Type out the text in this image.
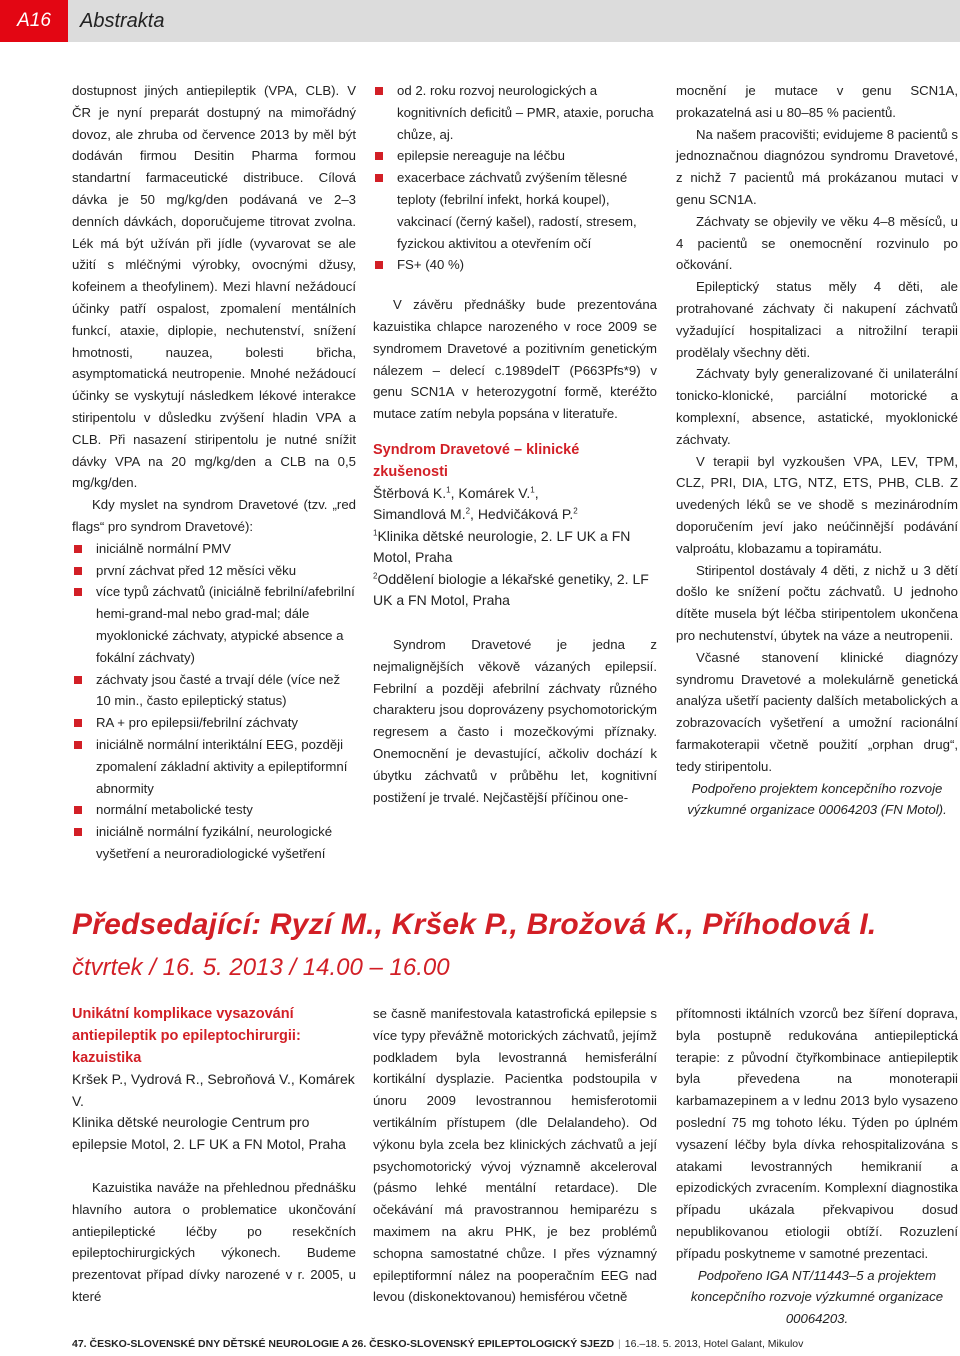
A16	Abstrakta

dostupnost jiných antiepileptik (VPA, CLB). V ČR je nyní preparát dostupný na mimořádný dovoz, ale zhruba od července 2013 by měl být dodáván firmou Desitin Pharma formou standartní farmaceutické distribuce. Cílová dávka je 50 mg/kg/den podávaná ve 2–3 denních dávkách, doporučujeme titrovat zvolna. Lék má být užíván při jídle (vyvarovat se ale užití s mléčnými výrobky, ovocnými džusy, kofeinem a theofylinem). Mezi hlavní nežádoucí účinky patří ospalost, zpomalení mentálních funkcí, ataxie, diplopie, nechutenství, snížení hmotnosti, nauzea, bolesti břicha, asymptomatická neutropenie. Mnohé nežádoucí účinky se vyskytují následkem lékové interakce stiripentolu v důsledku zvýšení hladin VPA a CLB. Při nasazení stiripentolu je nutné snížit dávky VPA na 20 mg/kg/den a CLB na 0,5 mg/kg/den.

Kdy myslet na syndrom Dravetové (tzv. „red flags“ pro syndrom Dravetové):

iniciálně normální PMV
první záchvat před 12 měsíci věku
více typů záchvatů (iniciálně febrilní/afebrilní hemi-grand-mal nebo grad-mal; dále myoklonické záchvaty, atypické absence a fokální záchvaty)
záchvaty jsou časté a trvají déle (více než 10 min., často epileptický status)
RA + pro epilepsii/febrilní záchvaty
iniciálně normální interiktální EEG, později zpomalení základní aktivity a epileptiformní abnormity
normální metabolické testy
iniciálně normální fyzikální, neurologické vyšetření a neuroradiologické vyšetření
od 2. roku rozvoj neurologických a kognitivních deficitů – PMR, ataxie, porucha chůze, aj.
epilepsie nereaguje na léčbu
exacerbace záchvatů zvýšením tělesné teploty (febrilní infekt, horká koupel), vakcinací (černý kašel), radostí, stresem, fyzickou aktivitou a otevřením očí
FS+ (40 %)

V závěru přednášky bude prezentována kazuistika chlapce narozeného v roce 2009 se syndromem Dravetové a pozitivním genetickým nálezem – delecí c.1989delT (P663Pfs*9) v genu SCN1A v heterozygotní formě, kteréžto mutace zatím nebyla popsána v literatuře.

Syndrom Dravetové – klinické zkušenosti
Štěrbová K.$^1$, Komárek V.$^1$,
Simandlová M.$^2$, Hedvičáková P.$^2$
$^1$Klinika dětské neurologie, 2. LF UK a FN Motol, Praha
$^2$Oddělení biologie a lékařské genetiky, 2. LF UK a FN Motol, Praha

Syndrom Dravetové je jedna z nejmalignějších věkově vázaných epilepsií. Febrilní a později afebrilní záchvaty různého charakteru jsou doprovázeny psychomotorickým regresem a často i mozečkovými příznaky. Onemocnění je devastující, ačkoliv dochází k úbytku záchvatů v průběhu let, kognitivní postižení je trvalé. Nejčastější příčinou one-

mocnění je mutace v genu SCN1A, prokazatelná asi u 80–85 % pacientů.

Na našem pracovišti; evidujeme 8 pacientů s jednoznačnou diagnózou syndromu Dravetové, z nichž 7 pacientů má prokázanou mutaci v genu SCN1A.

Záchvaty se objevily ve věku 4–8 měsíců, u 4 pacientů se onemocnění rozvinulo po očkování.

Epileptický status měly 4 děti, ale protrahované záchvaty či nakupení záchvatů vyžadující hospitalizaci a nitrožilní terapii prodělaly všechny děti.

Záchvaty byly generalizované či unilaterální tonicko-klonické, parciální motorické a komplexní, absence, astatické, myoklonické záchvaty.

V terapii byl vyzkoušen VPA, LEV, TPM, CLZ, PRI, DIA, LTG, NTZ, ETS, PHB, CLB. Z uvedených léků se ve shodě s mezinárodním doporučením jeví jako neúčinnější podávání valproátu, klobazamu a topiramátu.

Stiripentol dostávaly 4 děti, z nichž u 3 dětí došlo ke snížení počtu záchvatů. U jednoho dítěte musela být léčba stiripentolem ukončena pro nechutenství, úbytek na váze a neutropenii.

Včasné stanovení klinické diagnózy syndromu Dravetové a molekulárně genetická analýza ušetří pacienty dalších metabolických a zobrazovacích vyšetření a umožní racionální farmakoterapii včetně použití „orphan drug“, tedy stiripentolu.

Podpořeno projektem koncepčního rozvoje výzkumné organizace 00064203 (FN Motol).

Předsedající: Ryzí M., Kršek P., Brožová K., Příhodová I.
čtvrtek / 16. 5. 2013 / 14.00 – 16.00
Unikátní komplikace vysazování antiepileptik po epileptochirurgii: kazuistika
Kršek P., Vydrová R., Sebroňová V., Komárek V.
Klinika dětské neurologie Centrum pro epilepsie Motol, 2. LF UK a FN Motol, Praha

Kazuistika naváže na přehlednou přednášku hlavního autora o problematice ukončování antiepileptické léčby po resekčních epileptochirurgických výkonech. Budeme prezentovat případ dívky narozené v r. 2005, u které

se časně manifestovala katastrofická epilepsie s více typy převážně motorických záchvatů, jejímž podkladem byla levostranná hemisferální kortikální dysplazie. Pacientka podstoupila v únoru 2009 levostrannou hemisferotomii vertikálním přístupem (dle Delalandeho). Od výkonu byla zcela bez klinických záchvatů a její psychomotorický vývoj významně akceleroval (pásmo lehké mentální retardace). Dle očekávání má pravostrannou hemiparézu s maximem na akru PHK, je bez problémů schopna samostatné chůze. I přes významný epileptiformní nález na pooperačním EEG nad levou (diskonektovanou) hemisférou včetně

přítomnosti iktálních vzorců bez šíření doprava, byla postupně redukována antiepileptická terapie: z původní čtyřkombinace antiepileptik byla převedena na monoterapii karbamazepinem a v lednu 2013 bylo vysazeno poslední 75 mg tohoto léku. Týden po úplném vysazení léčby byla dívka rehospitalizována s atakami levostranných hemikranií a epizodických zvracením. Komplexní diagnostika případu ukázala překvapivou dosud nepublikovanou etiologii obtíží. Rozuzlení případu poskytneme v samotné prezentaci.

Podpořeno IGA NT/11443–5 a projektem koncepčního rozvoje výzkumné organizace 00064203.

47. ČESKO-SLOVENSKÉ DNY DĚTSKÉ NEUROLOGIE A 26. ČESKO-SLOVENSKÝ EPILEPTOLOGICKÝ SJEZD | 16.–18. 5. 2013, Hotel Galant, Mikulov
